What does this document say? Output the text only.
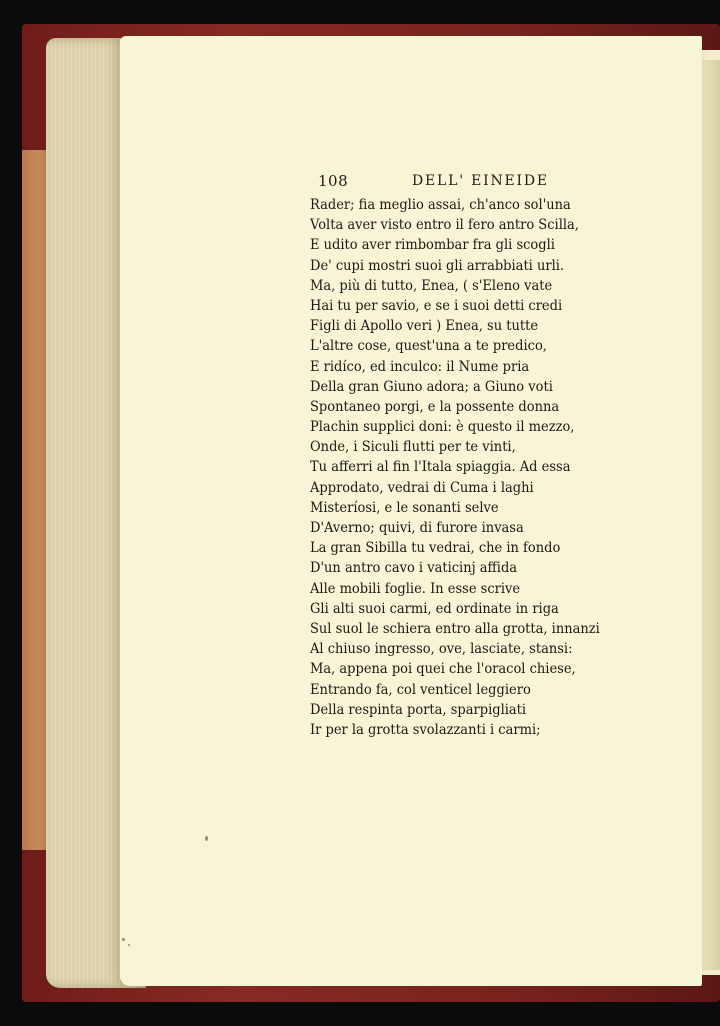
108	DELL' EINEIDE
Rader; fia meglio assai, ch'anco sol'una
Volta aver visto entro il fero antro Scilla,
E udito aver rimbombar fra gli scogli
De' cupi mostri suoi gli arrabbiati urli.
Ma, più di tutto, Enea, ( s'Eleno vate
Hai tu per savio, e se i suoi detti credi
Figli di Apollo veri ) Enea, su tutte
L'altre cose, quest'una a te predico,
E ridíco, ed inculco: il Nume pria
Della gran Giuno adora; a Giuno voti
Spontaneo porgi, e la possente donna
Plachin supplici doni: è questo il mezzo,
Onde, i Siculi flutti per te vinti,
Tu afferri al fin l'Itala spiaggia. Ad essa
Approdato, vedrai di Cuma i laghi
Misteríosi, e le sonanti selve
D'Averno; quivi, di furore invasa
La gran Sibilla tu vedrai, che in fondo
D'un antro cavo i vaticinj affida
Alle mobili foglie. In esse scrive
Gli alti suoi carmi, ed ordinate in riga
Sul suol le schiera entro alla grotta, innanzi
Al chiuso ingresso, ove, lasciate, stansi:
Ma, appena poi quei che l'oracol chiese,
Entrando fa, col venticel leggiero
Della respinta porta, sparpigliati
Ir per la grotta svolazzanti i carmi;
